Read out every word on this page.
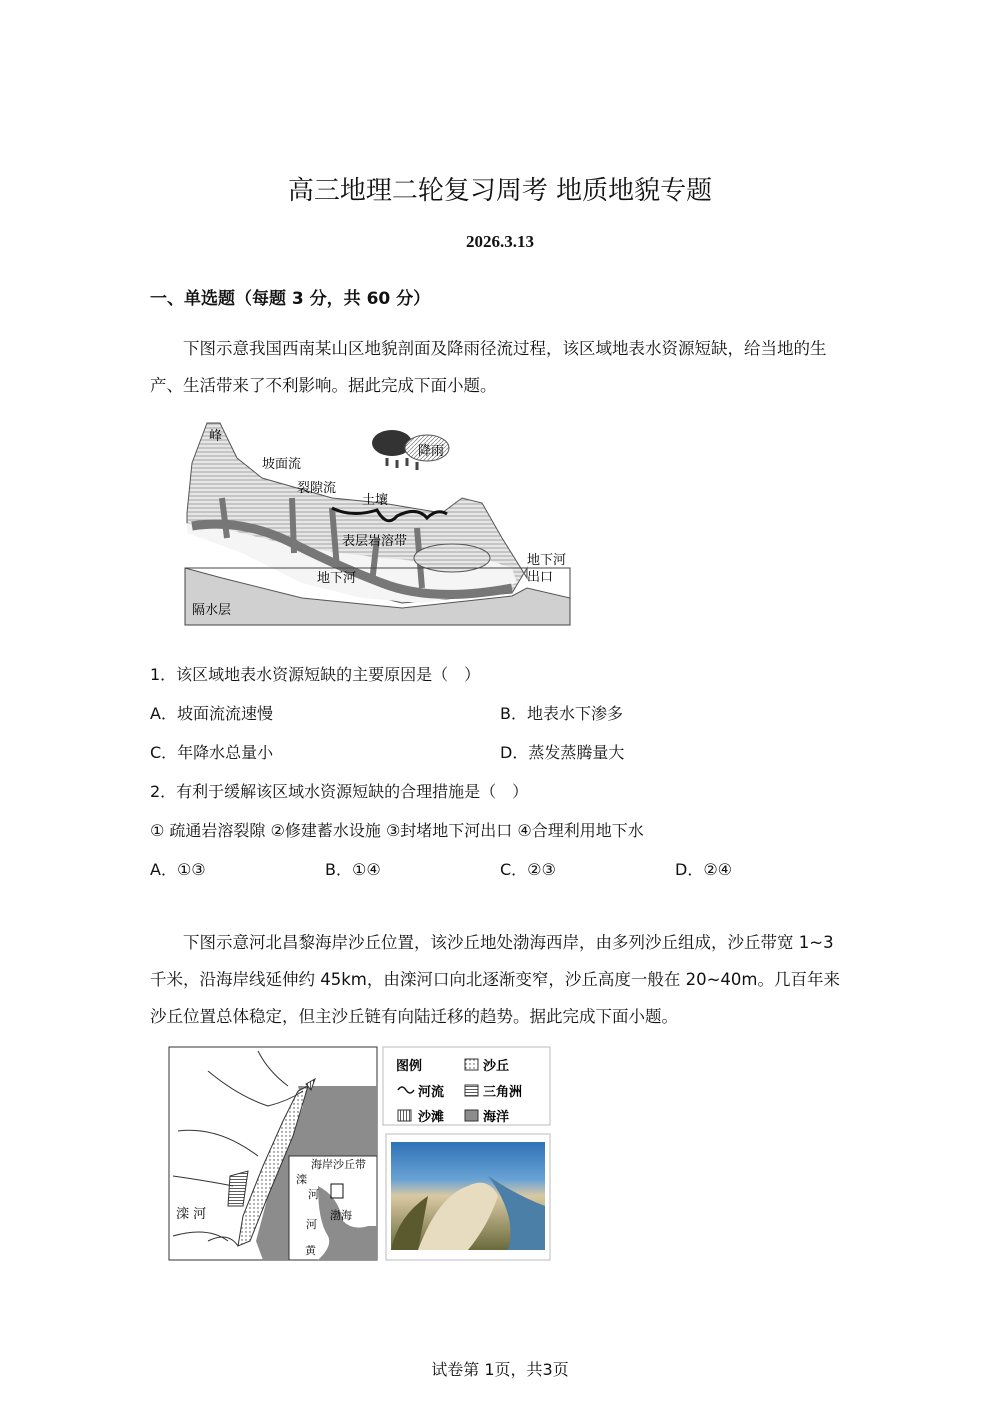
高三地理二轮复习周考 地质地貌专题
2026.3.13
一、单选题（每题 3 分，共 60 分）
下图示意我国西南某山区地貌剖面及降雨径流过程，该区域地表水资源短缺，给当地的生产、生活带来了不利影响。据此完成下面小题。
峰
降雨
坡面流
裂隙流
土壤
表层岩溶带
地下河
地下河
出口
隔水层
1．该区域地表水资源短缺的主要原因是（　）
A．坡面流流速慢	B．地表水下渗多
C．年降水总量小	D．蒸发蒸腾量大
2．有利于缓解该区域水资源短缺的合理措施是（　）
① 疏通岩溶裂隙 ②修建蓄水设施 ③封堵地下河出口 ④合理利用地下水
A．①③	B．①④	C．②③	D．②④
下图示意河北昌黎海岸沙丘位置，该沙丘地处渤海西岸，由多列沙丘组成，沙丘带宽 1~3 千米，沿海岸线延伸约 45km，由滦河口向北逐渐变窄，沙丘高度一般在 20~40m。几百年来沙丘位置总体稳定，但主沙丘链有向陆迁移的趋势。据此完成下面小题。
滦 河
海岸沙丘带
滦
河
河
渤海
黄
图例	沙丘
河流	三角洲
沙滩	海洋
试卷第 1页，共3页
